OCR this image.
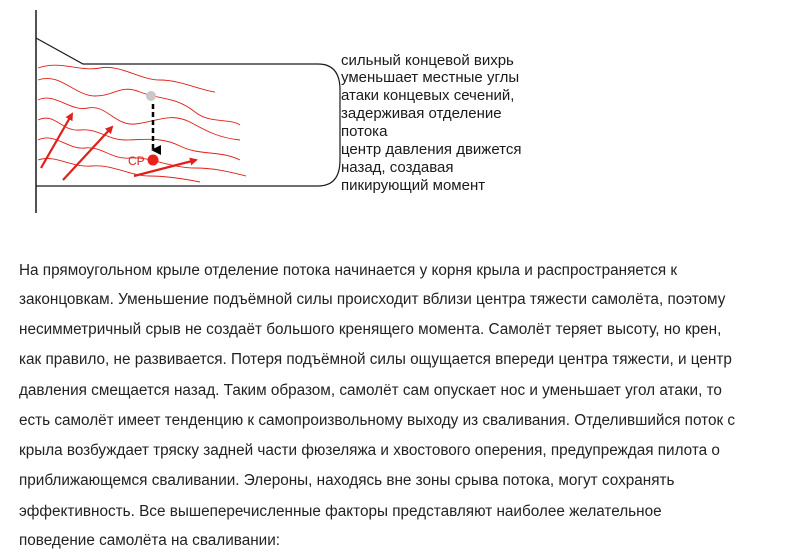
CP
сильный концевой вихрь
уменьшает местные углы
атаки концевых сечений,
задерживая отделение
потока
центр давления движется
назад, создавая
пикирующий момент
На прямоугольном крыле отделение потока начинается у корня крыла и распространяется к
законцовкам. Уменьшение подъёмной силы происходит вблизи центра тяжести самолёта, поэтому
несимметричный срыв не создаёт большого кренящего момента. Самолёт теряет высоту, но крен,
как правило, не развивается. Потеря подъёмной силы ощущается впереди центра тяжести, и центр
давления смещается назад. Таким образом, самолёт сам опускает нос и уменьшает угол атаки, то
есть самолёт имеет тенденцию к самопроизвольному выходу из сваливания. Отделившийся поток с
крыла возбуждает тряску задней части фюзеляжа и хвостового оперения, предупреждая пилота о
приближающемся сваливании. Элероны, находясь вне зоны срыва потока, могут сохранять
эффективность. Все вышеперечисленные факторы представляют наиболее желательное
поведение самолёта на сваливании:
